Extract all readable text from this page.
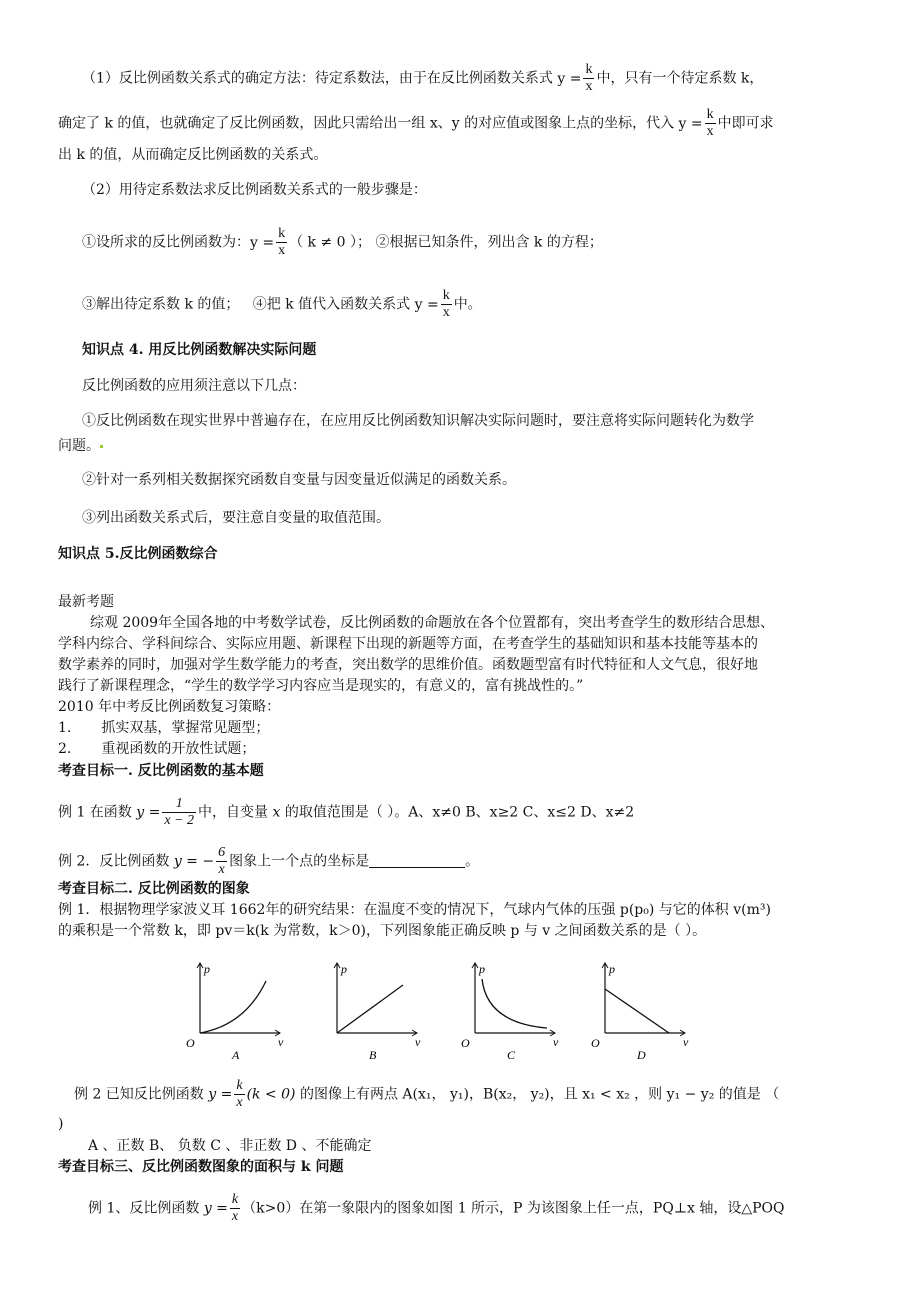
（1）反比例函数关系式的确定方法：待定系数法，由于在反比例函数关系式 $y = \frac{k}{x}$ 中，只有一个待定系数 k，
确定了 k 的值，也就确定了反比例函数，因此只需给出一组 x、y 的对应值或图象上点的坐标，代入 $y = \frac{k}{x}$ 中即可求
出 k 的值，从而确定反比例函数的关系式。
（2）用待定系数法求反比例函数关系式的一般步骤是：
①设所求的反比例函数为：$y = \frac{k}{x}$ （ k ≠ 0 ）； ②根据已知条件，列出含 k 的方程；
③解出待定系数 k 的值； ④把 k 值代入函数关系式 $y = \frac{k}{x}$ 中。
知识点 4. 用反比例函数解决实际问题
反比例函数的应用须注意以下几点：
①反比例函数在现实世界中普遍存在，在应用反比例函数知识解决实际问题时，要注意将实际问题转化为数学
问题。
②针对一系列相关数据探究函数自变量与因变量近似满足的函数关系。
③列出函数关系式后，要注意自变量的取值范围。
知识点 5.反比例函数综合
最新考题
综观 2009年全国各地的中考数学试卷，反比例函数的命题放在各个位置都有，突出考查学生的数形结合思想、
学科内综合、学科间综合、实际应用题、新课程下出现的新题等方面，在考查学生的基础知识和基本技能等基本的
数学素养的同时，加强对学生数学能力的考查，突出数学的思维价值。函数题型富有时代特征和人文气息，很好地
践行了新课程理念，“学生的数学学习内容应当是现实的，有意义的，富有挑战性的。”
2010 年中考反比例函数复习策略：
1. 抓实双基，掌握常见题型；
2. 重视函数的开放性试题；
考查目标一. 反比例函数的基本题
例 1 在函数 $y = \frac{1}{x - 2}$ 中，自变量 x 的取值范围是（ ）。A、x≠0 B、x≥2 C、x≤2 D、x≠2
例 2．反比例函数 y = − $\frac{6}{x}$ 图象上一个点的坐标是	。
考查目标二. 反比例函数的图象
例 1．根据物理学家波义耳 1662年的研究结果：在温度不变的情况下，气球内气体的压强 p(p₀) 与它的体积 v(m³)
的乘积是一个常数 k，即 pv＝k(k 为常数，k＞0)，下列图象能正确反映 p 与 v 之间函数关系的是（ ）。
p
v
O
A
p
v
B
p
v
O
C
p
v
O
D
例 2 已知反比例函数 $y = \frac{k}{x} (k < 0)$ 的图像上有两点 A(x₁， y₁)，B(x₂， y₂)，且 x₁ < x₂ ，则 y₁ − y₂ 的值是 （
)
A 、正数 B、 负数 C 、非正数 D 、不能确定
考查目标三、反比例函数图象的面积与 k 问题
例 1、反比例函数 $y = \frac{k}{x} (k>0)$在第一象限内的图象如图 1 所示，P 为该图象上任一点，PQ⊥x 轴，设△POQ
